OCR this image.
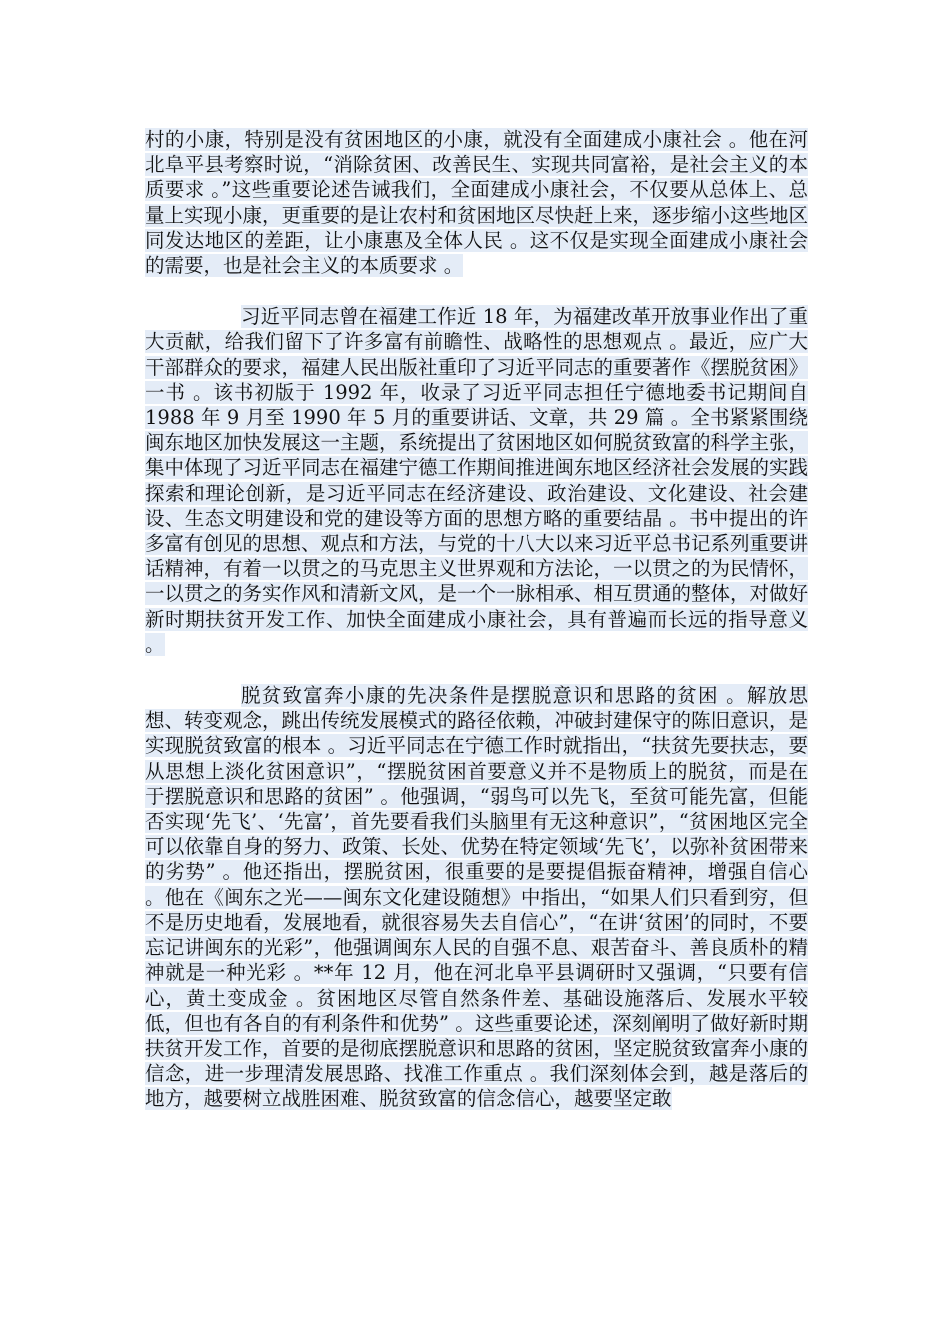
村的小康，特别是没有贫困地区的小康，就没有全面建成小康社会 。他在河北阜平县考察时说，“消除贫困、改善民生、实现共同富裕，是社会主义的本质要求 。”这些重要论述告诫我们，全面建成小康社会，不仅要从总体上、总量上实现小康，更重要的是让农村和贫困地区尽快赶上来，逐步缩小这些地区同发达地区的差距，让小康惠及全体人民 。这不仅是实现全面建成小康社会的需要，也是社会主义的本质要求 。

习近平同志曾在福建工作近 18 年，为福建改革开放事业作出了重大贡献，给我们留下了许多富有前瞻性、战略性的思想观点 。最近，应广大干部群众的要求，福建人民出版社重印了习近平同志的重要著作《摆脱贫困》一书 。该书初版于 1992 年，收录了习近平同志担任宁德地委书记期间自 1988 年 9 月至 1990 年 5 月的重要讲话、文章，共 29 篇 。全书紧紧围绕闽东地区加快发展这一主题，系统提出了贫困地区如何脱贫致富的科学主张，集中体现了习近平同志在福建宁德工作期间推进闽东地区经济社会发展的实践探索和理论创新，是习近平同志在经济建设、政治建设、文化建设、社会建设、生态文明建设和党的建设等方面的思想方略的重要结晶 。书中提出的许多富有创见的思想、观点和方法，与党的十八大以来习近平总书记系列重要讲话精神，有着一以贯之的马克思主义世界观和方法论，一以贯之的为民情怀，一以贯之的务实作风和清新文风，是一个一脉相承、相互贯通的整体，对做好新时期扶贫开发工作、加快全面建成小康社会，具有普遍而长远的指导意义 。

脱贫致富奔小康的先决条件是摆脱意识和思路的贫困 。解放思想、转变观念，跳出传统发展模式的路径依赖，冲破封建保守的陈旧意识，是实现脱贫致富的根本 。习近平同志在宁德工作时就指出，“扶贫先要扶志，要从思想上淡化贫困意识”，“摆脱贫困首要意义并不是物质上的脱贫，而是在于摆脱意识和思路的贫困” 。他强调，“弱鸟可以先飞，至贫可能先富，但能否实现‘先飞’、‘先富’，首先要看我们头脑里有无这种意识”，“贫困地区完全可以依靠自身的努力、政策、长处、优势在特定领域‘先飞’，以弥补贫困带来的劣势” 。他还指出，摆脱贫困，很重要的是要提倡振奋精神，增强自信心 。他在《闽东之光——闽东文化建设随想》中指出，“如果人们只看到穷，但不是历史地看，发展地看，就很容易失去自信心”，“在讲‘贫困’的同时，不要忘记讲闽东的光彩”，他强调闽东人民的自强不息、艰苦奋斗、善良质朴的精神就是一种光彩 。**年 12 月，他在河北阜平县调研时又强调，“只要有信心，黄土变成金 。贫困地区尽管自然条件差、基础设施落后、发展水平较低，但也有各自的有利条件和优势” 。这些重要论述，深刻阐明了做好新时期扶贫开发工作，首要的是彻底摆脱意识和思路的贫困，坚定脱贫致富奔小康的信念，进一步理清发展思路、找准工作重点 。我们深刻体会到，越是落后的地方，越要树立战胜困难、脱贫致富的信念信心，越要坚定敢
